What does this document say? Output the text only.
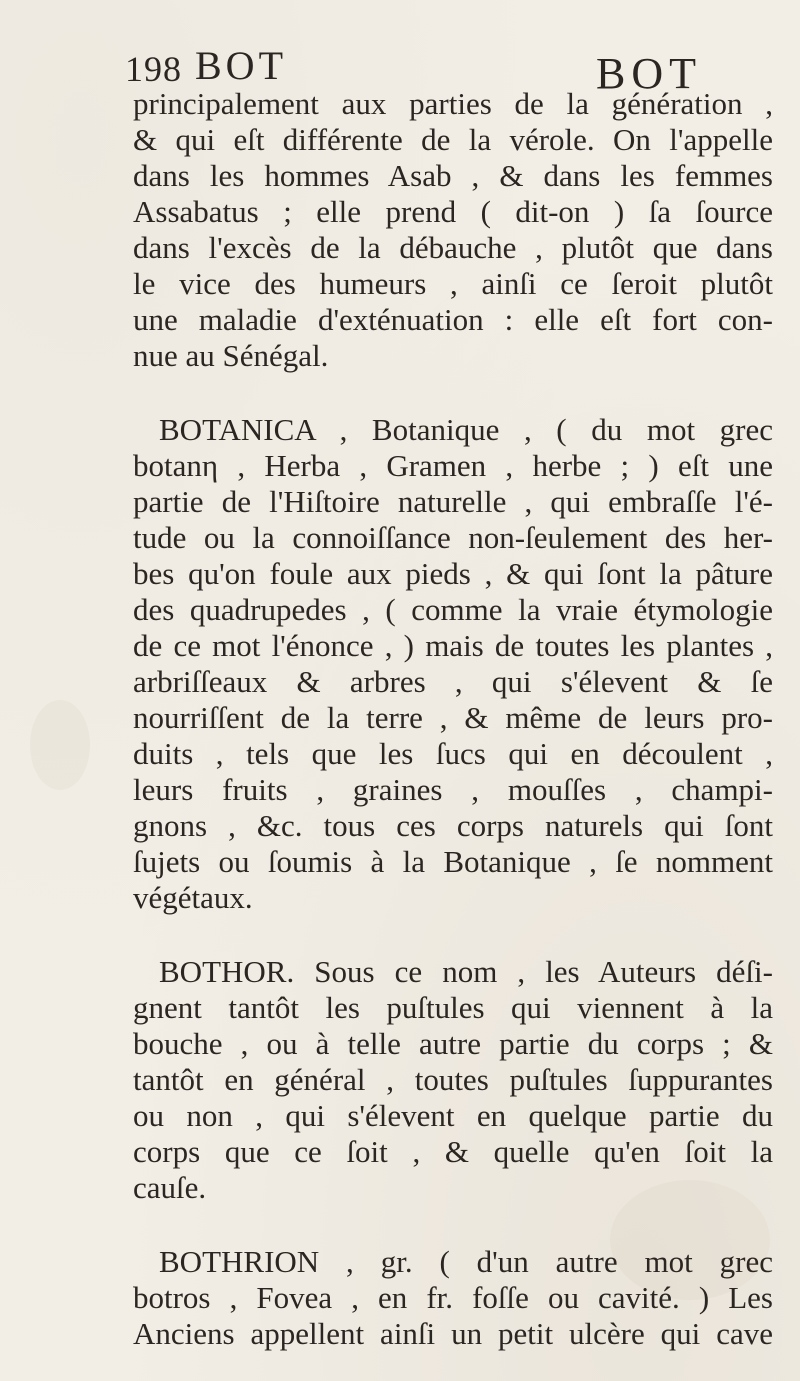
198 BOT	BOT
principalement aux parties de la génération ,
& qui eſt différente de la vérole. On l'appelle
dans les hommes Asab , & dans les femmes
Assabatus ; elle prend ( dit-on ) ſa ſource
dans l'excès de la débauche , plutôt que dans
le vice des humeurs , ainſi ce ſeroit plutôt
une maladie d'exténuation : elle eſt fort con-
nue au Sénégal.
BOTANICA , Botanique , ( du mot grec
botanη , Herba , Gramen , herbe ; ) eſt une
partie de l'Hiſtoire naturelle , qui embraſſe l'é-
tude ou la connoiſſance non-ſeulement des her-
bes qu'on foule aux pieds , & qui ſont la pâture
des quadrupedes , ( comme la vraie étymologie
de ce mot l'énonce , ) mais de toutes les plantes ,
arbriſſeaux & arbres , qui s'élevent & ſe
nourriſſent de la terre , & même de leurs pro-
duits , tels que les ſucs qui en découlent ,
leurs fruits , graines , mouſſes , champi-
gnons , &c. tous ces corps naturels qui ſont
ſujets ou ſoumis à la Botanique , ſe nomment
végétaux.
BOTHOR. Sous ce nom , les Auteurs déſi-
gnent tantôt les puſtules qui viennent à la
bouche , ou à telle autre partie du corps ; &
tantôt en général , toutes puſtules ſuppurantes
ou non , qui s'élevent en quelque partie du
corps que ce ſoit , & quelle qu'en ſoit la
cauſe.
BOTHRION , gr. ( d'un autre mot grec
botros , Fovea , en fr. foſſe ou cavité. ) Les
Anciens appellent ainſi un petit ulcère qui cave
